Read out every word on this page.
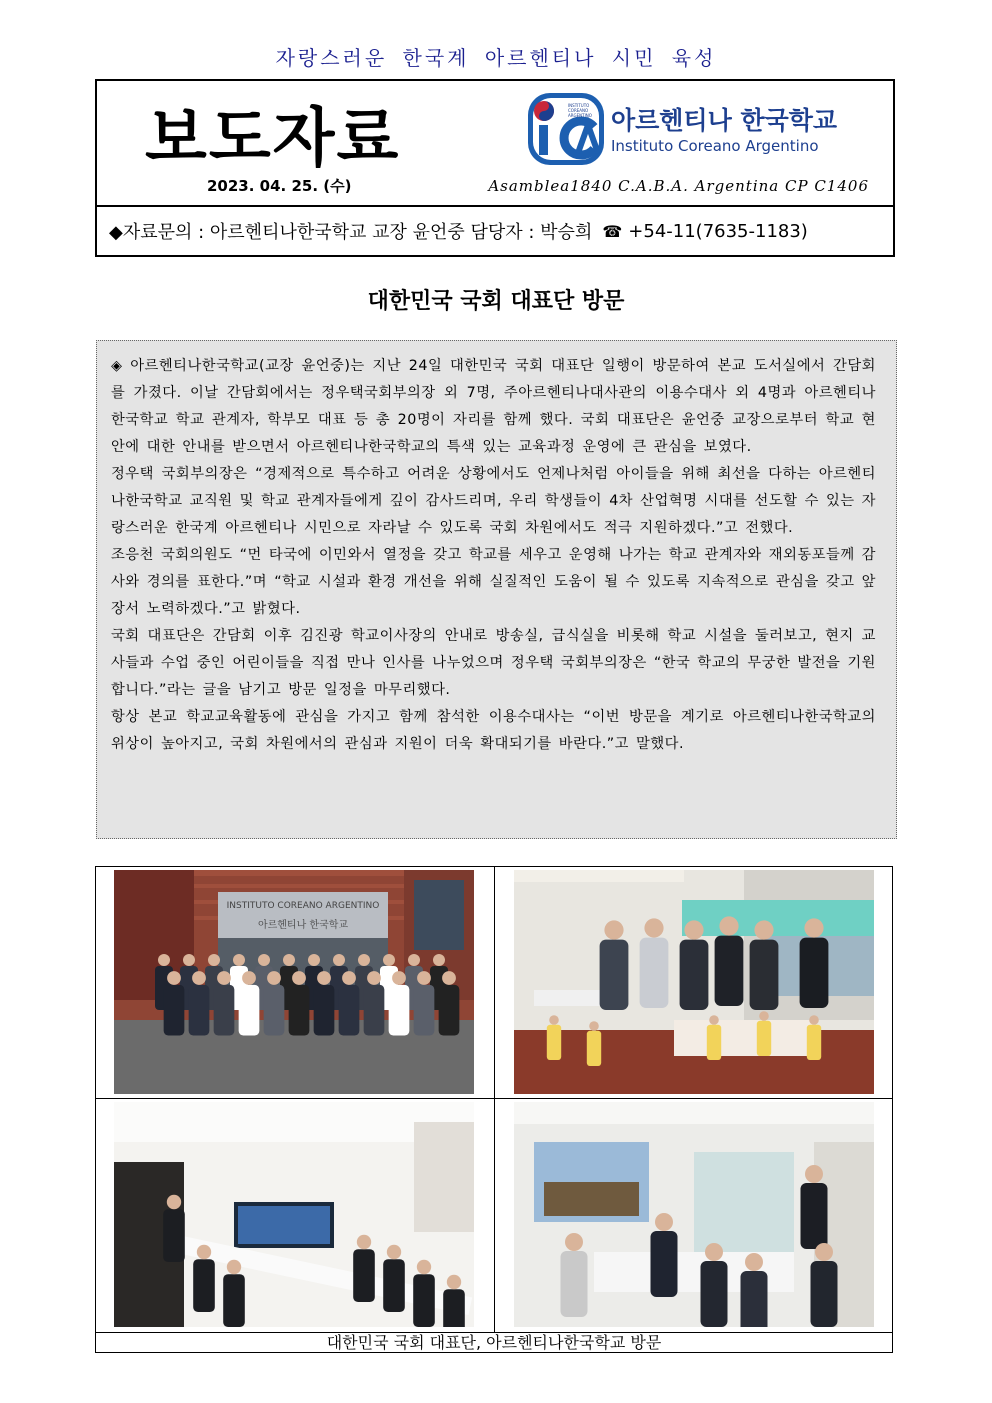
자랑스러운 한국계 아르헨티나 시민 육성
보도자료
2023. 04. 25. (수)
INSTITUTO
COREANO
ARGENTINO 아르헨티나 한국학교
Instituto Coreano Argentino
Asamblea1840 C.A.B.A. Argentina CP C1406
◆자료문의 : 아르헨티나한국학교 교장 윤언중 담당자 : 박승희 ☎ +54-11(7635-1183)
대한민국 국회 대표단 방문

◈ 아르헨티나한국학교(교장 윤언중)는 지난 24일 대한민국 국회 대표단 일행이 방문하여 본교 도서실에서 간담회를 가졌다. 이날 간담회에서는 정우택국회부의장 외 7명, 주아르헨티나대사관의 이용수대사 외 4명과 아르헨티나한국학교 학교 관계자, 학부모 대표 등 총 20명이 자리를 함께 했다. 국회 대표단은 윤언중 교장으로부터 학교 현안에 대한 안내를 받으면서 아르헨티나한국학교의 특색 있는 교육과정 운영에 큰 관심을 보였다.

정우택 국회부의장은 “경제적으로 특수하고 어려운 상황에서도 언제나처럼 아이들을 위해 최선을 다하는 아르헨티나한국학교 교직원 및 학교 관계자들에게 깊이 감사드리며, 우리 학생들이 4차 산업혁명 시대를 선도할 수 있는 자랑스러운 한국계 아르헨티나 시민으로 자라날 수 있도록 국회 차원에서도 적극 지원하겠다.”고 전했다.

조응천 국회의원도 “먼 타국에 이민와서 열정을 갖고 학교를 세우고 운영해 나가는 학교 관계자와 재외동포들께 감사와 경의를 표한다.”며 “학교 시설과 환경 개선을 위해 실질적인 도움이 될 수 있도록 지속적으로 관심을 갖고 앞장서 노력하겠다.”고 밝혔다.

국회 대표단은 간담회 이후 김진광 학교이사장의 안내로 방송실, 급식실을 비롯해 학교 시설을 둘러보고, 현지 교사들과 수업 중인 어린이들을 직접 만나 인사를 나누었으며 정우택 국회부의장은 “한국 학교의 무궁한 발전을 기원합니다.”라는 글을 남기고 방문 일정을 마무리했다.

항상 본교 학교교육활동에 관심을 가지고 함께 참석한 이용수대사는 “이번 방문을 계기로 아르헨티나한국학교의 위상이 높아지고, 국회 차원에서의 관심과 지원이 더욱 확대되기를 바란다.”고 말했다.

INSTITUTO COREANO ARGENTINO
아르헨티나 한국학교
대한민국 국회 대표단, 아르헨티나한국학교 방문
